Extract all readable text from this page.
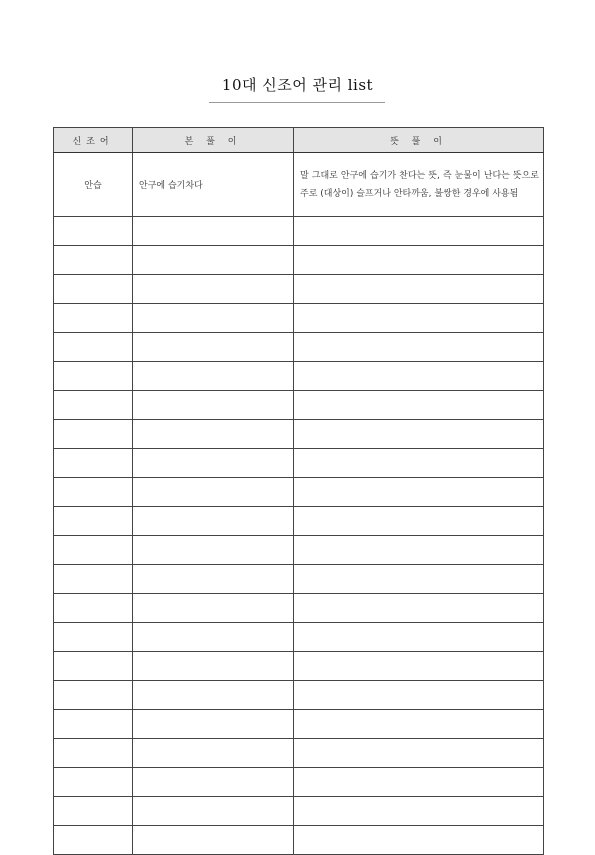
10대 신조어 관리 list
신조어	본 풀 이	뜻 풀 이
안습	안구에 습기차다	말 그대로 안구에 습기가 찬다는 뜻, 즉 눈물이 난다는 뜻으로 주로 (대상이) 슬프거나 안타까움, 불쌍한 경우에 사용됨
